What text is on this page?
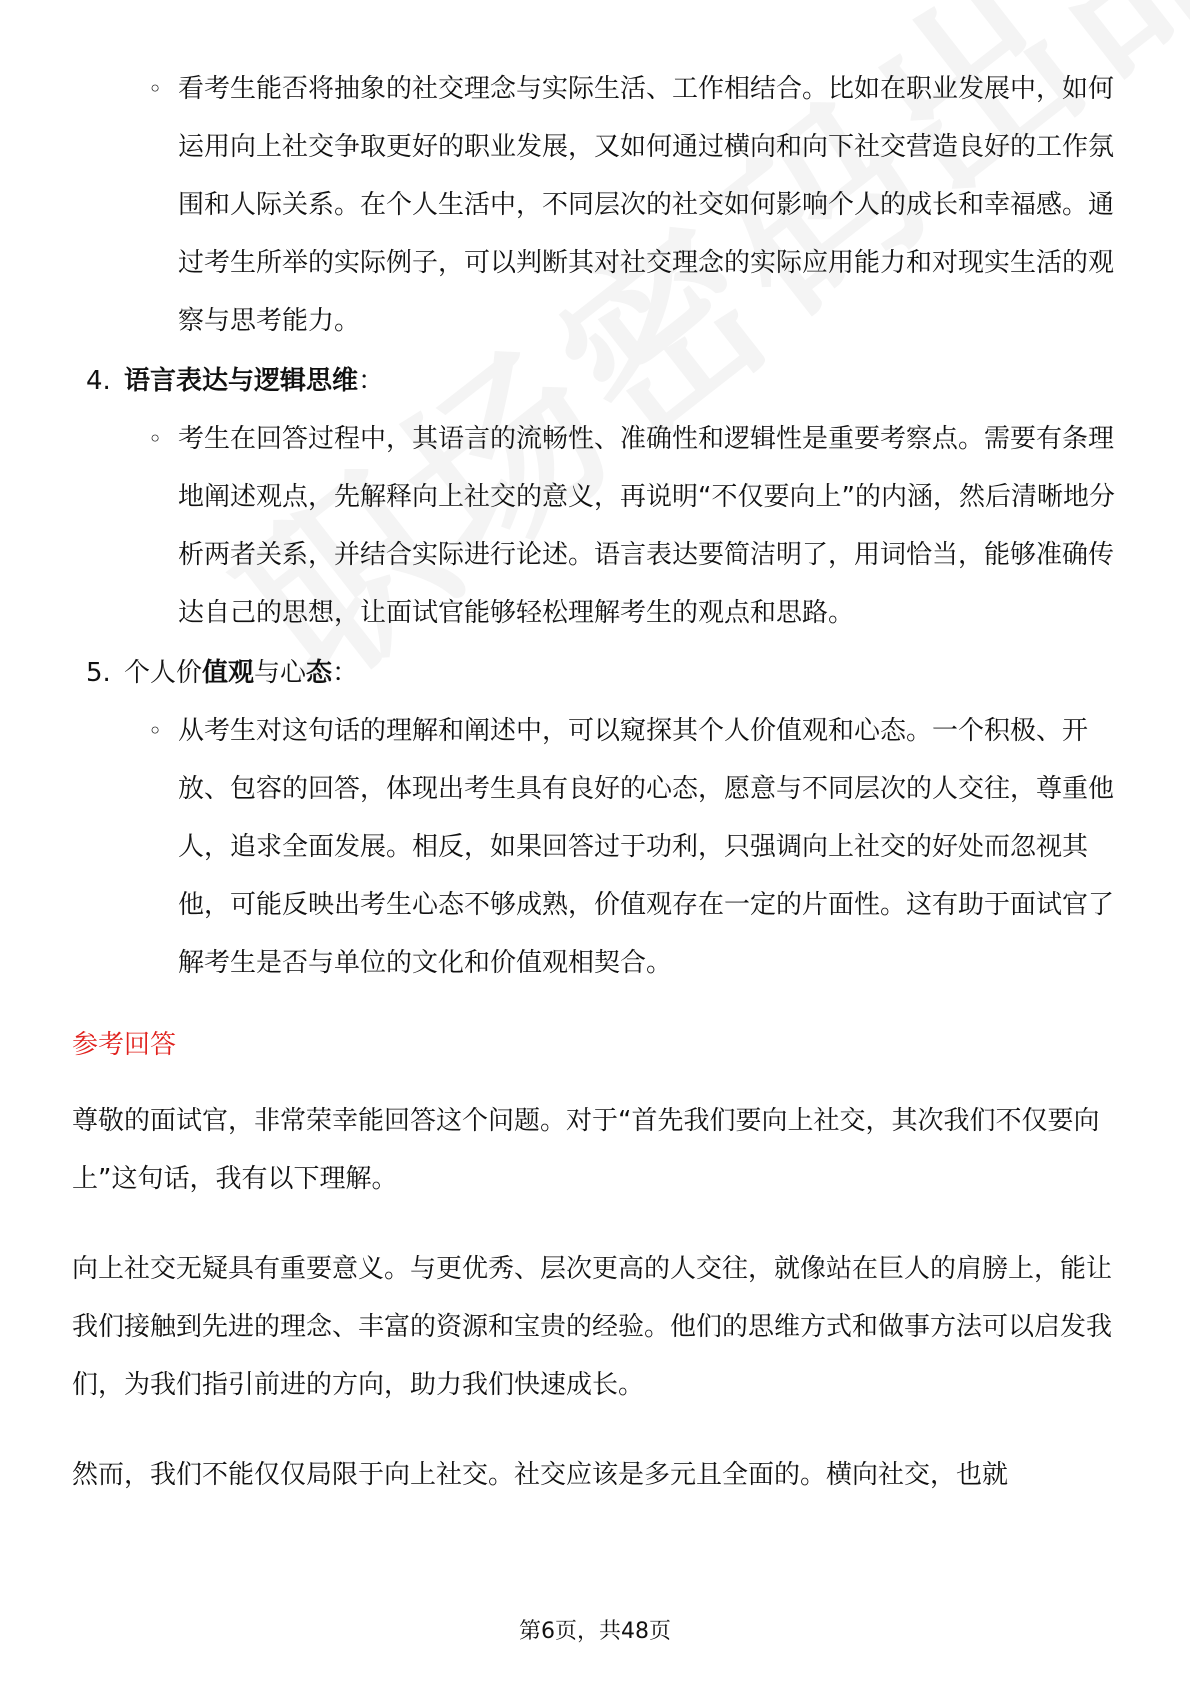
◦ 看考生能否将抽象的社交理念与实际生活、工作相结合。比如在职业发展中，如何运用向上社交争取更好的职业发展，又如何通过横向和向下社交营造良好的工作氛围和人际关系。在个人生活中，不同层次的社交如何影响个人的成长和幸福感。通过考生所举的实际例子，可以判断其对社交理念的实际应用能力和对现实生活的观察与思考能力。
4. 语言表达与逻辑思维：
◦ 考生在回答过程中，其语言的流畅性、准确性和逻辑性是重要考察点。需要有条理地阐述观点，先解释向上社交的意义，再说明“不仅要向上”的内涵，然后清晰地分析两者关系，并结合实际进行论述。语言表达要简洁明了，用词恰当，能够准确传达自己的思想，让面试官能够轻松理解考生的观点和思路。
5. 个人价值观与心态：
◦ 从考生对这句话的理解和阐述中，可以窥探其个人价值观和心态。一个积极、开放、包容的回答，体现出考生具有良好的心态，愿意与不同层次的人交往，尊重他人，追求全面发展。相反，如果回答过于功利，只强调向上社交的好处而忽视其他，可能反映出考生心态不够成熟，价值观存在一定的片面性。这有助于面试官了解考生是否与单位的文化和价值观相契合。
参考回答
尊敬的面试官，非常荣幸能回答这个问题。对于“首先我们要向上社交，其次我们不仅要向上”这句话，我有以下理解。
向上社交无疑具有重要意义。与更优秀、层次更高的人交往，就像站在巨人的肩膀上，能让我们接触到先进的理念、丰富的资源和宝贵的经验。他们的思维方式和做事方法可以启发我们，为我们指引前进的方向，助力我们快速成长。
然而，我们不能仅仅局限于向上社交。社交应该是多元且全面的。横向社交，也就
第6页，共48页
